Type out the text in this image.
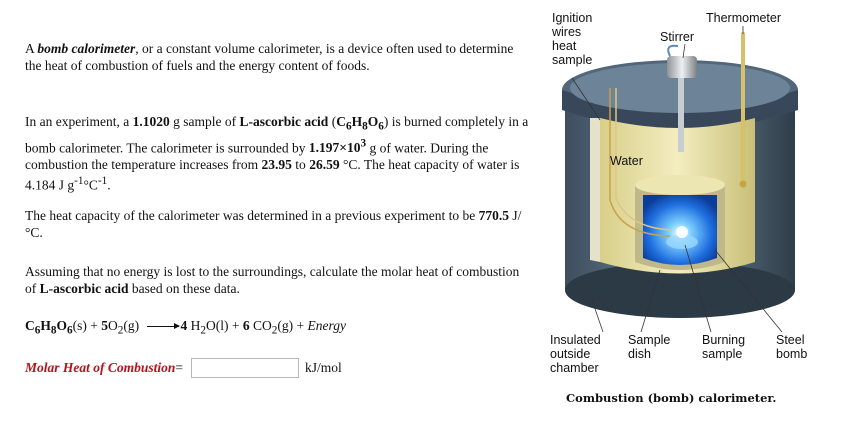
A bomb calorimeter, or a constant volume calorimeter, is a device often used to determine the heat of combustion of fuels and the energy content of foods.
In an experiment, a 1.1020 g sample of L-ascorbic acid $(C_6H_8O_6)$ is burned completely in a bomb calorimeter. The calorimeter is surrounded by $1.197\times 10^3$ g of water. During the combustion the temperature increases from 23.95 to 26.59 °C. The heat capacity of water is 4.184 J $g^{-1}^\circ C^{-1}$.
The heat capacity of the calorimeter was determined in a previous experiment to be 770.5 J/°C.
Assuming that no energy is lost to the surroundings, calculate the molar heat of combustion of L-ascorbic acid based on these data.
$C_6H_8O_6(s) + 5O_2(g) \to 4$ $H_2O(l) + 6$ $CO_2(g)$ + Energy
Molar Heat of Combustion =	kJ/mol
Ignition
wires
heat
sample
Thermometer
Stirrer
Water
Insulated
outside
chamber
Sample
dish
Burning
sample
Steel
bomb
Combustion (bomb) calorimeter.
